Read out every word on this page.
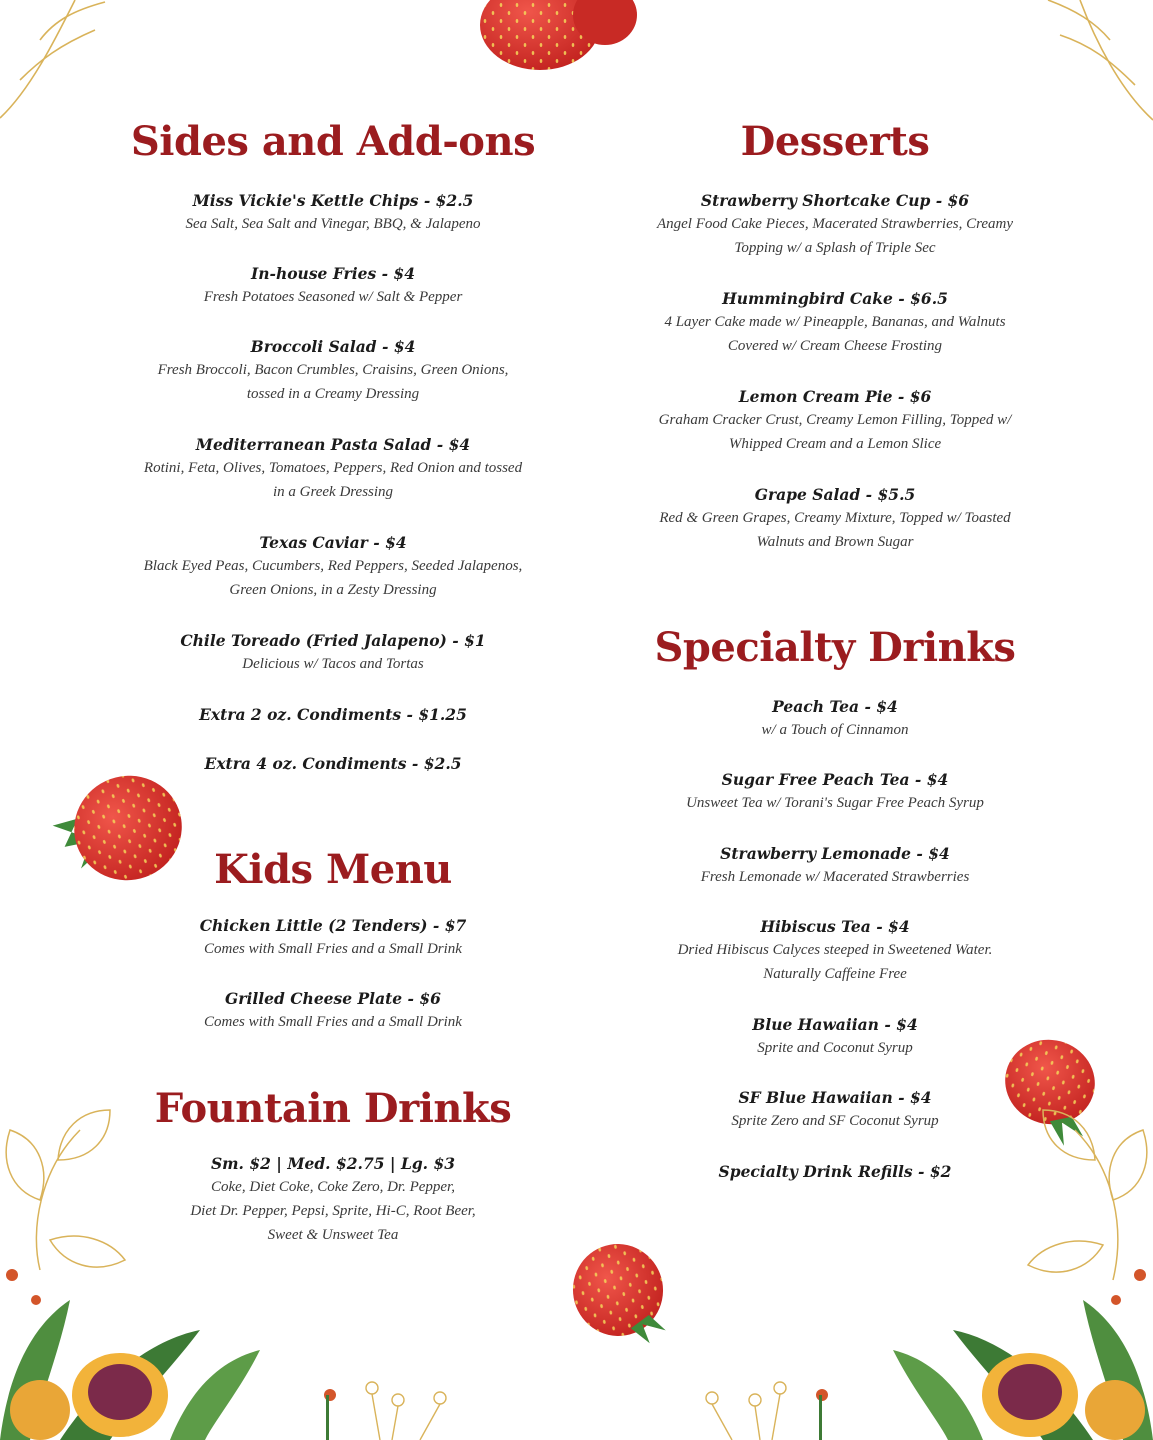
Sides and Add-ons
Miss Vickie's Kettle Chips - $2.5
Sea Salt, Sea Salt and Vinegar, BBQ, & Jalapeno
In-house Fries - $4
Fresh Potatoes Seasoned w/ Salt & Pepper
Broccoli Salad - $4
Fresh Broccoli, Bacon Crumbles, Craisins, Green Onions,
tossed in a Creamy Dressing
Mediterranean Pasta Salad - $4
Rotini, Feta, Olives, Tomatoes, Peppers, Red Onion and tossed
in a Greek Dressing
Texas Caviar - $4
Black Eyed Peas, Cucumbers, Red Peppers, Seeded Jalapenos,
Green Onions, in a Zesty Dressing
Chile Toreado (Fried Jalapeno) - $1
Delicious w/ Tacos and Tortas
Extra 2 oz. Condiments - $1.25
Extra 4 oz. Condiments - $2.5
Kids Menu
Chicken Little (2 Tenders) - $7
Comes with Small Fries and a Small Drink
Grilled Cheese Plate - $6
Comes with Small Fries and a Small Drink
Fountain Drinks
Sm. $2 | Med. $2.75 | Lg. $3
Coke, Diet Coke, Coke Zero, Dr. Pepper,
Diet Dr. Pepper, Pepsi, Sprite, Hi-C, Root Beer,
Sweet & Unsweet Tea
Desserts
Strawberry Shortcake Cup - $6
Angel Food Cake Pieces, Macerated Strawberries, Creamy
Topping w/ a Splash of Triple Sec
Hummingbird Cake - $6.5
4 Layer Cake made w/ Pineapple, Bananas, and Walnuts
Covered w/ Cream Cheese Frosting
Lemon Cream Pie - $6
Graham Cracker Crust, Creamy Lemon Filling, Topped w/
Whipped Cream and a Lemon Slice
Grape Salad - $5.5
Red & Green Grapes, Creamy Mixture, Topped w/ Toasted
Walnuts and Brown Sugar
Specialty Drinks
Peach Tea - $4
w/ a Touch of Cinnamon
Sugar Free Peach Tea - $4
Unsweet Tea w/ Torani's Sugar Free Peach Syrup
Strawberry Lemonade - $4
Fresh Lemonade w/ Macerated Strawberries
Hibiscus Tea - $4
Dried Hibiscus Calyces steeped in Sweetened Water.
Naturally Caffeine Free
Blue Hawaiian - $4
Sprite and Coconut Syrup
SF Blue Hawaiian - $4
Sprite Zero and SF Coconut Syrup
Specialty Drink Refills - $2
